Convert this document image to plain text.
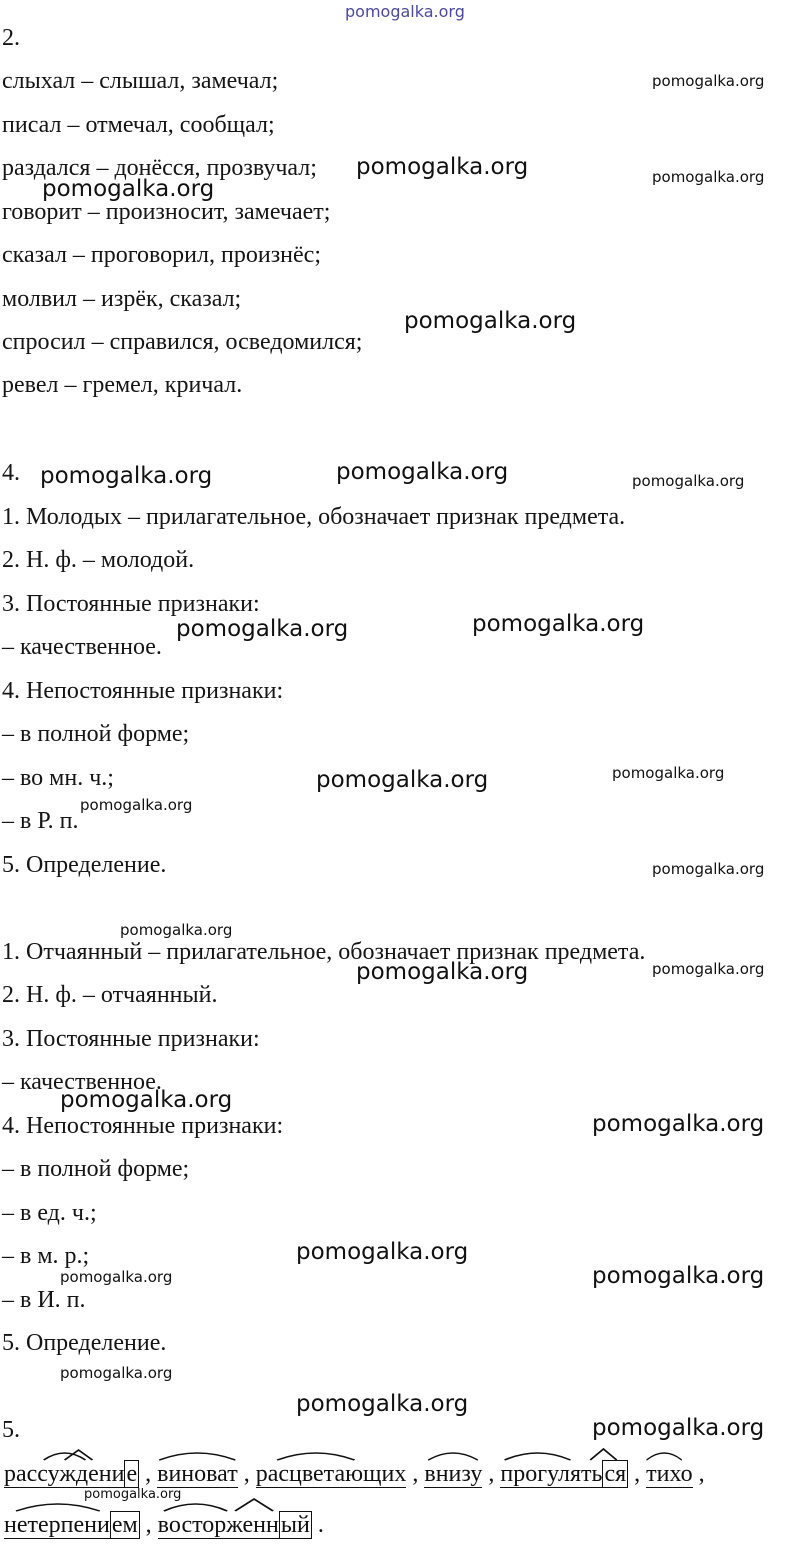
pomogalka.org
2.
слыхал – слышал, замечал;
писал – отмечал, сообщал;
раздался – донёсся, прозвучал;
говорит – произносит, замечает;
сказал – проговорил, произнёс;
молвил – изрёк, сказал;
спросил – справился, осведомился;
ревел – гремел, кричал.
4.
1. Молодых – прилагательное, обозначает признак предмета.
2. Н. ф. – молодой.
3. Постоянные признаки:
– качественное.
4. Непостоянные признаки:
– в полной форме;
– во мн. ч.;
– в Р. п.
5. Определение.
1. Отчаянный – прилагательное, обозначает признак предмета.
2. Н. ф. – отчаянный.
3. Постоянные признаки:
– качественное.
4. Непостоянные признаки:
– в полной форме;
– в ед. ч.;
– в м. р.;
– в И. п.
5. Определение.
5.
рассуждение , виноват , расцветающих , внизу , прогуляться , тихо ,
нетерпением , восторженный .
pomogalka.org
pomogalka.org	pomogalka.org
pomogalka.org
pomogalka.org
pomogalka.org	pomogalka.org	pomogalka.org
pomogalka.org	pomogalka.org
pomogalka.org
pomogalka.org
pomogalka.org
pomogalka.org
pomogalka.org
pomogalka.org	pomogalka.org
pomogalka.org
pomogalka.org
pomogalka.org
pomogalka.org	pomogalka.org
pomogalka.org
pomogalka.org
pomogalka.org
pomogalka.org
